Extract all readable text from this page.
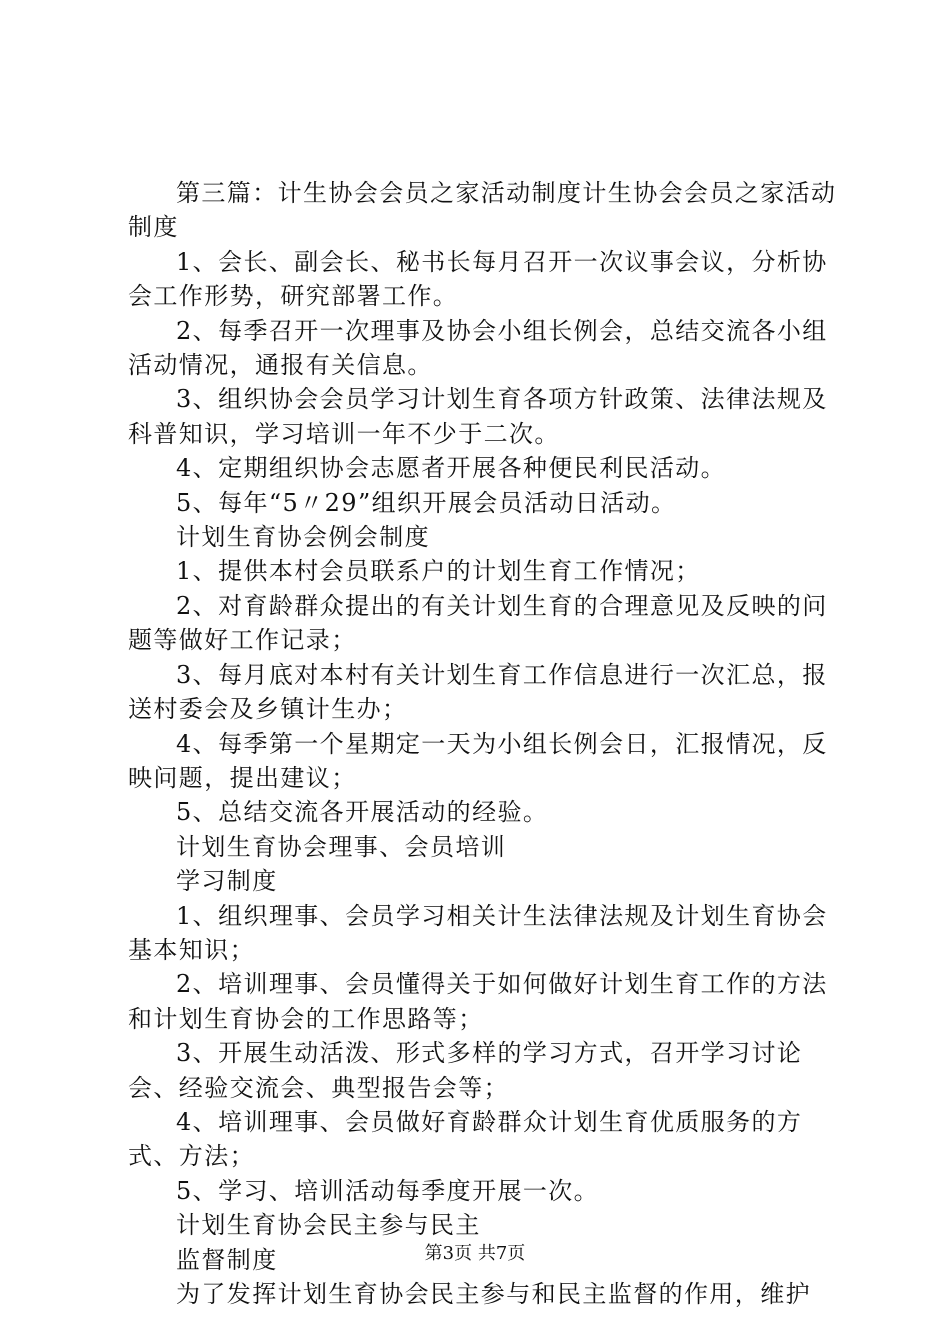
第三篇：计生协会会员之家活动制度计生协会会员之家活动制度

1、会长、副会长、秘书长每月召开一次议事会议，分析协会工作形势，研究部署工作。

2、每季召开一次理事及协会小组长例会，总结交流各小组活动情况，通报有关信息。

3、组织协会会员学习计划生育各项方针政策、法律法规及科普知识，学习培训一年不少于二次。

4、定期组织协会志愿者开展各种便民利民活动。

5、每年“5〃29”组织开展会员活动日活动。

计划生育协会例会制度

1、提供本村会员联系户的计划生育工作情况；

2、对育龄群众提出的有关计划生育的合理意见及反映的问题等做好工作记录；

3、每月底对本村有关计划生育工作信息进行一次汇总，报送村委会及乡镇计生办；

4、每季第一个星期定一天为小组长例会日，汇报情况，反映问题，提出建议；

5、总结交流各开展活动的经验。

计划生育协会理事、会员培训

学习制度

1、组织理事、会员学习相关计生法律法规及计划生育协会基本知识；

2、培训理事、会员懂得关于如何做好计划生育工作的方法和计划生育协会的工作思路等；

3、开展生动活泼、形式多样的学习方式，召开学习讨论会、经验交流会、典型报告会等；

4、培训理事、会员做好育龄群众计划生育优质服务的方式、方法；

5、学习、培训活动每季度开展一次。

计划生育协会民主参与民主

监督制度

为了发挥计划生育协会民主参与和民主监督的作用，维护

第3页 共7页
